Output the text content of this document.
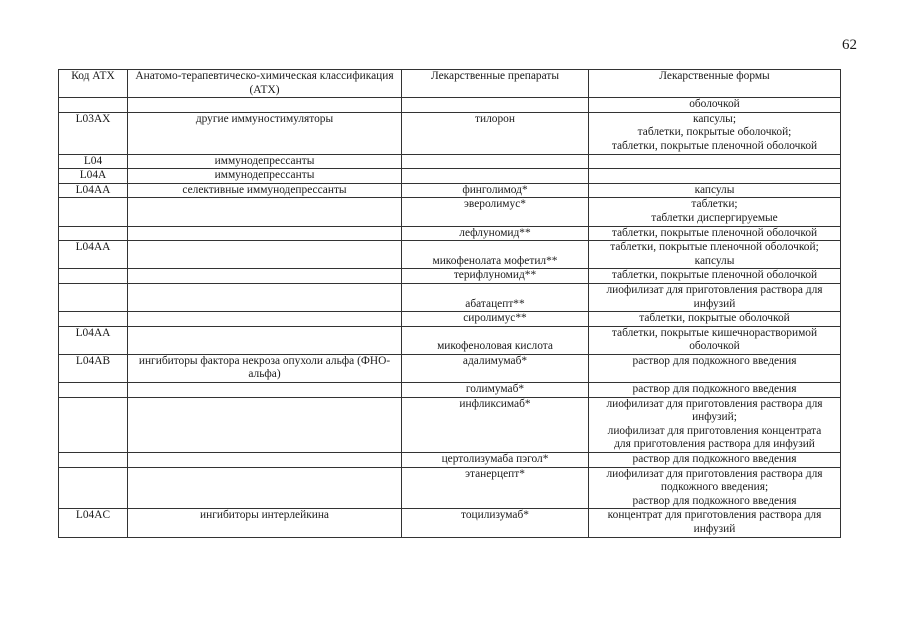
62
Код АТХ	Анатомо-терапевтическо-химическая классификация (АТХ)	Лекарственные препараты	Лекарственные формы

			оболочкой

L03AX	другие иммуностимуляторы	тилорон	капсулы;
таблетки, покрытые оболочкой;
таблетки, покрытые пленочной оболочкой

L04	иммунодепрессанты		
L04A	иммунодепрессанты		
L04AA	селективные иммунодепрессанты	финголимод*	капсулы

		эверолимус*	таблетки;
таблетки диспергируемые

		лефлуномид**	таблетки, покрытые пленочной оболочкой

L04AA		микофенолата мофетил**	таблетки, покрытые пленочной оболочкой;
капсулы

		терифлуномид**	таблетки, покрытые пленочной оболочкой

		абатацепт**	лиофилизат для приготовления раствора для
инфузий

		сиролимус**	таблетки, покрытые оболочкой

L04AA		микофеноловая кислота	таблетки, покрытые кишечнорастворимой
оболочкой

L04AB	ингибиторы фактора некроза опухоли альфа (ФНО-альфа)	адалимумаб*	раствор для подкожного введения

		голимумаб*	раствор для подкожного введения

		инфликсимаб*	лиофилизат для приготовления раствора для
инфузий;
лиофилизат для приготовления концентрата
для приготовления раствора для инфузий

		цертолизумаба пэгол*	раствор для подкожного введения

		этанерцепт*	лиофилизат для приготовления раствора для
подкожного введения;
раствор для подкожного введения

L04AC	ингибиторы интерлейкина	тоцилизумаб*	концентрат для приготовления раствора для
инфузий
